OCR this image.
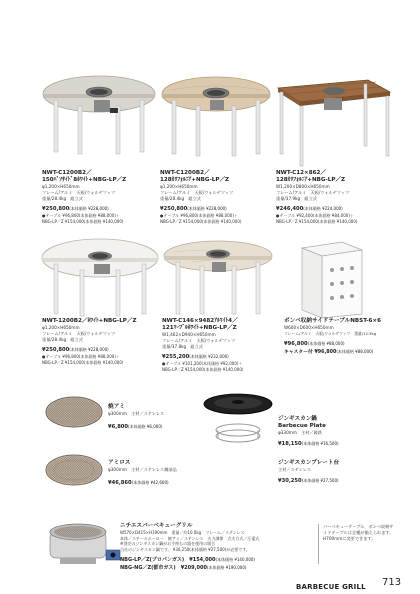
NWT-C1200B2／
150ﾊﾟｿｻｲﾄﾞ8ﾎﾜｲﾄ+NBG-LP／Z
φ1,200×H650mm
フレーム/アルミ　天板/ウォルゲツッツ
重量/28.4kg　組立式
¥250,800(本体価格 ¥228,000)
●テーブル ¥96,800(本体価格 ¥88,000)＋
NBG-LP／Z ¥154,000(本体価格 ¥140,000)
NWT-C1200B2／
128ｶﾘﾌｫﾙﾆｱ+NBG-LP／Z
φ1,200×H650mm
フレーム/アルミ　天板/ウォルゲツッツ
重量/28.4kg　組立式
¥250,800(本体価格 ¥228,000)
●テーブル ¥96,800(本体価格 ¥88,000)＋
NBG-LP／Z ¥154,000(本体価格 ¥140,000)
NWT-C12×862／
128ｶﾘﾌｫﾙﾆｱ+NBG-LP／Z
W1,200×D800×H650mm
フレーム/アルミ　天板/ウォルゲツッツ
重量/37.9kg　組立式
¥246,400(本体価格 ¥224,000)
●テーブル ¥92,400(本体価格 ¥84,000)＋
NBG-LP／Z ¥154,000(本体価格 ¥140,000)
NWT-1200B2／ﾎﾜｲﾄ+NBG-LP／Z
φ1,200×H650mm
フレーム/アルミ　天板/ウォルゲツッツ
重量/28.4kg　組立式
¥250,800(本体価格 ¥228,000)
●テーブル ¥96,800(本体価格 ¥88,000)＋
NBG-LP／Z ¥154,000(本体価格 ¥140,000)
NWT-C146×9482ｱﾙﾏｲﾄ4／
121ﾏｰﾌﾞﾙﾎﾜｲﾄ+NBG-LP／Z
W1,462×D940×H650mm
フレーム/アルミ　天板/ウォルゲツッツ
重量/37.8kg　組立式
¥255,200(本体価格 ¥232,000)
●テーブル ¥101,200(本体価格 ¥92,000)＋
NBG-LP／Z ¥154,000(本体価格 ¥140,000)
ボンベ収納サイドテーブルNBST-6×6
W600×D600×H650mm
フレーム/アルミ　天板/ウォルゲツッツ　重量/12.5kg
¥96,800(本体価格 ¥88,000)
キャスター付 ¥96,800(本体価格 ¥88,000)
焼アミ
φ300mm　主材／ステンレス
¥6,800(本体価格 ¥6,000)
アミロス
φ300mm　主材／ステンレス鋼部品
¥46,860(本体価格 ¥42,600)
ジンギスカン鍋
Barbecue Plate
φ330mm　主材／鋳鉄
¥18,150(本体価格 ¥16,500)
ジンギスカンプレート台
主材／ステンレス
¥30,250(本体価格 ¥27,500)
ニチエスバーベキューグリル
W570×D415×H190mm　重量／約10.0kg　フレーム／ステンレス
本体／スチールホーロー　焼アミ／ステンレス　火力調節　点火方式／圧電式
※別売のジンギスカン鍋がお手持ちの器を使用の場合
当社のジンギスカン鍋です。 ¥30,250(本体価格 ¥27,500)が必要です。
NBG-LP／Z(プロパンガス)　 ¥154,000(本体価格 ¥140,000)
NBG-NG／Z(都市ガス)　 ¥209,000(本体価格 ¥190,000)
バーベキューテーブル、ボンベ収納サイドテーブルは全種が揃えられます。H700mmに変更できます。
BARBECUE GRILL 713
